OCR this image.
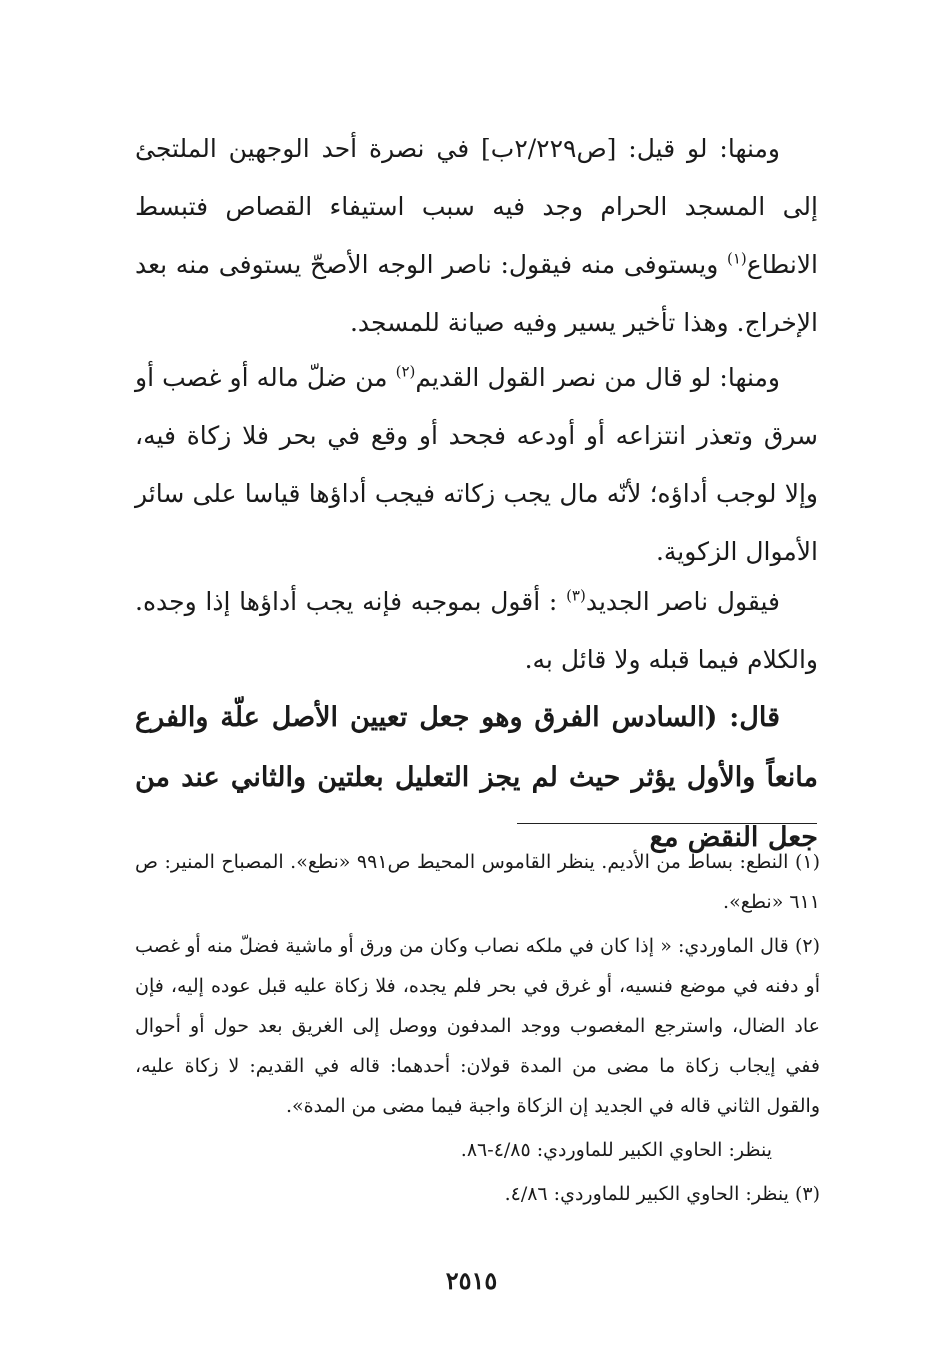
ومنها: لو قيل: [ص٢/٢٢٩ب] في نصرة أحد الوجهين الملتجئ إلى المسجد الحرام وجد فيه سبب استيفاء القصاص فتبسط الانطاع$^{(١)}$ ويستوفى منه فيقول: ناصر الوجه الأصحّ يستوفى منه بعد الإخراج. وهذا تأخير يسير وفيه صيانة للمسجد.
ومنها: لو قال من نصر القول القديم$^{(٢)}$ من ضلّ ماله أو غصب أو سرق وتعذر انتزاعه أو أودعه فجحد أو وقع في بحر فلا زكاة فيه، وإلا لوجب أداؤه؛ لأنّه مال يجب زكاته فيجب أداؤها قياسا على سائر الأموال الزكوية.
فيقول ناصر الجديد$^{(٣)}$ : أقول بموجبه فإنه يجب أداؤها إذا وجده. والكلام فيما قبله ولا قائل به.
قال: (السادس الفرق وهو جعل تعيين الأصل علّة والفرع مانعاً والأول يؤثر حيث لم يجز التعليل بعلتين والثاني عند من جعل النقض مع
(١) النطع: بساط من الأديم. ينظر القاموس المحيط ص٩٩١ «نطع». المصباح المنير: ص ٦١١ «نطع».
(٢) قال الماوردي: « إذا كان في ملكه نصاب وكان من ورق أو ماشية فضلّ منه أو غصب أو دفنه في موضع فنسيه، أو غرق في بحر فلم يجده، فلا زكاة عليه قبل عوده إليه، فإن عاد الضال، واسترجع المغصوب ووجد المدفون ووصل إلى الغريق بعد حول أو أحوال ففي إيجاب زكاة ما مضى من المدة قولان: أحدهما: قاله في القديم: لا زكاة عليه، والقول الثاني قاله في الجديد إن الزكاة واجبة فيما مضى من المدة».
ينظر: الحاوي الكبير للماوردي: ٤/٨٥-٨٦.
(٣) ينظر: الحاوي الكبير للماوردي: ٤/٨٦.
٢٥١٥
